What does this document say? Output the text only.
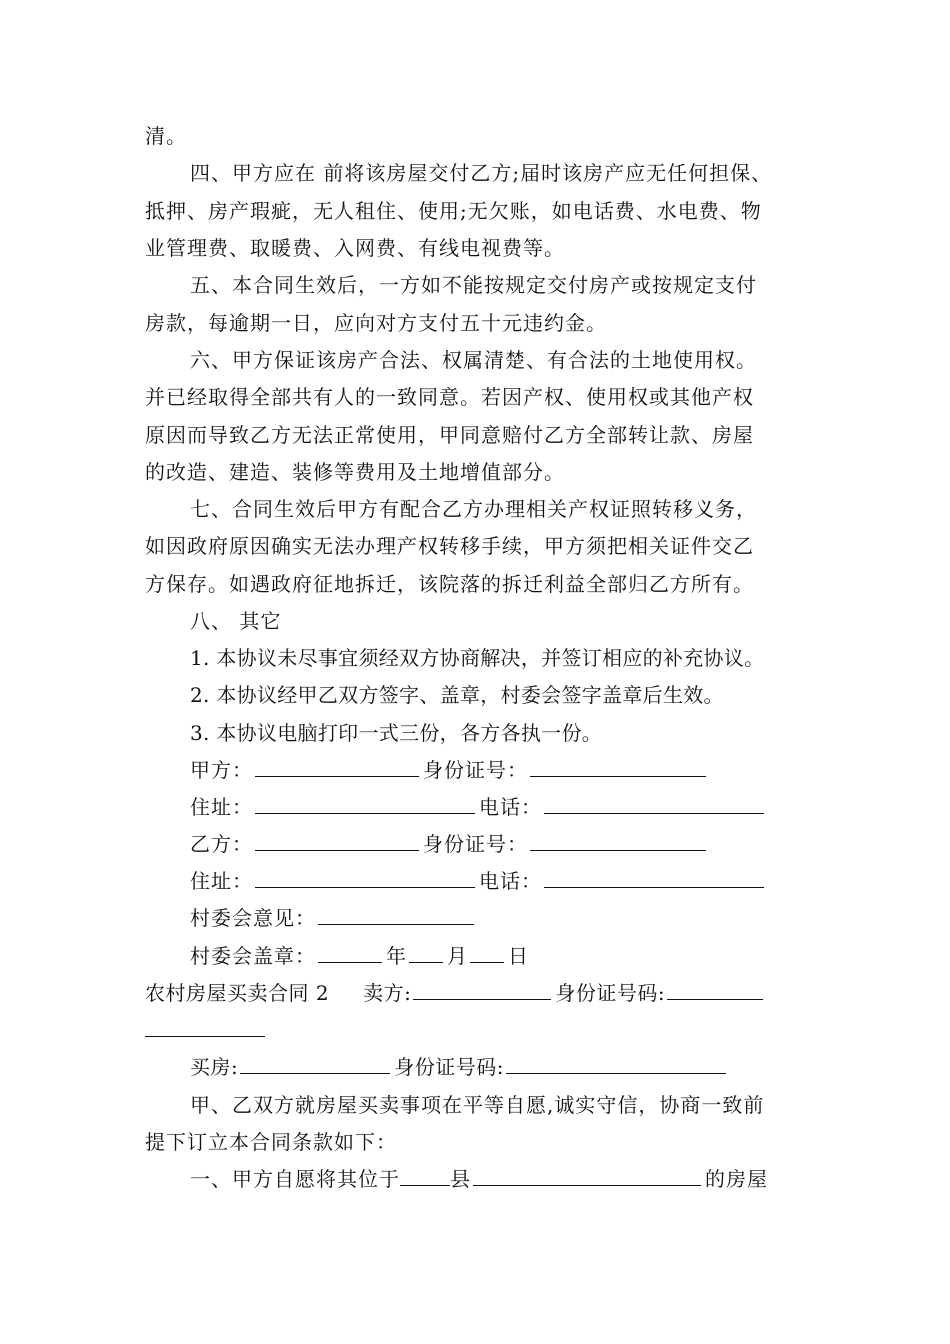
清。
四、甲方应在 前将该房屋交付乙方;届时该房产应无任何担保、
抵押、房产瑕疵，无人租住、使用;无欠账，如电话费、水电费、物
业管理费、取暖费、入网费、有线电视费等。
五、本合同生效后，一方如不能按规定交付房产或按规定支付
房款，每逾期一日，应向对方支付五十元违约金。
六、甲方保证该房产合法、权属清楚、有合法的土地使用权。
并已经取得全部共有人的一致同意。若因产权、使用权或其他产权
原因而导致乙方无法正常使用，甲同意赔付乙方全部转让款、房屋
的改造、建造、装修等费用及土地增值部分。
七、合同生效后甲方有配合乙方办理相关产权证照转移义务，
如因政府原因确实无法办理产权转移手续，甲方须把相关证件交乙
方保存。如遇政府征地拆迁，该院落的拆迁利益全部归乙方所有。
八、 其它
1. 本协议未尽事宜须经双方协商解决，并签订相应的补充协议。
2. 本协议经甲乙双方签字、盖章，村委会签字盖章后生效。
3. 本协议电脑打印一式三份，各方各执一份。
甲方：	身份证号：
住址：	电话：
乙方：	身份证号：
住址：	电话：
村委会意见：
村委会盖章：	年 月 日
农村房屋买卖合同 2 卖方:	身份证号码:
买房:	身份证号码:
甲、乙双方就房屋买卖事项在平等自愿,诚实守信，协商一致前
提下订立本合同条款如下：
一、甲方自愿将其位于	县	的房屋
